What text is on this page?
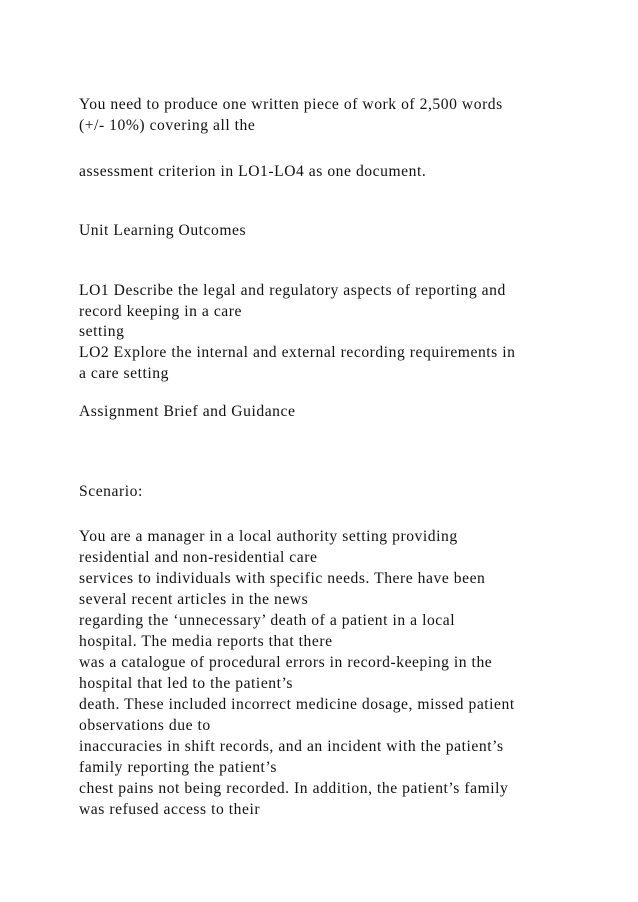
You need to produce one written piece of work of 2,500 words
(+/- 10%) covering all the
assessment criterion in LO1-LO4 as one document.
Unit Learning Outcomes
LO1 Describe the legal and regulatory aspects of reporting and
record keeping in a care
setting
LO2 Explore the internal and external recording requirements in
a care setting
Assignment Brief and Guidance
Scenario:
You are a manager in a local authority setting providing
residential and non-residential care
services to individuals with specific needs. There have been
several recent articles in the news
regarding the ‘unnecessary’ death of a patient in a local
hospital. The media reports that there
was a catalogue of procedural errors in record-keeping in the
hospital that led to the patient’s
death. These included incorrect medicine dosage, missed patient
observations due to
inaccuracies in shift records, and an incident with the patient’s
family reporting the patient’s
chest pains not being recorded. In addition, the patient’s family
was refused access to their
